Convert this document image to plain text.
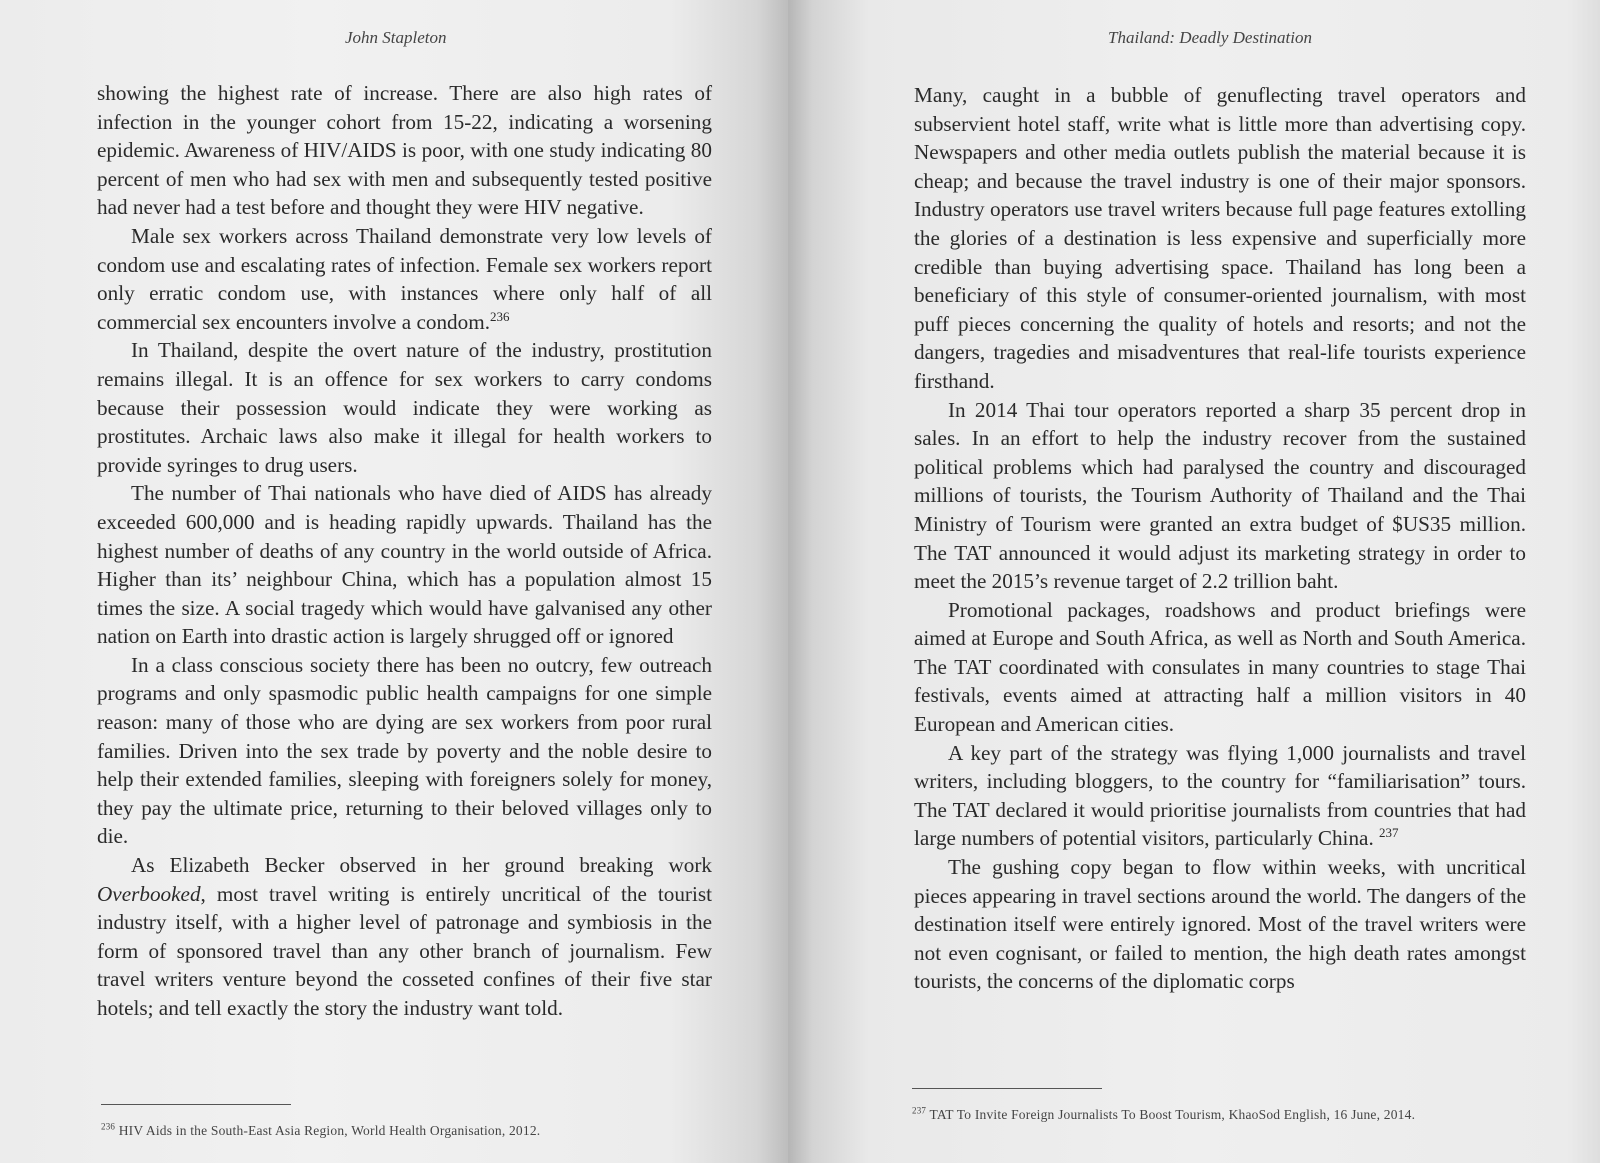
John Stapleton

showing the highest rate of increase. There are also high rates of infection in the younger cohort from 15-22, indicating a worsening epidemic. Awareness of HIV/AIDS is poor, with one study indicating 80 percent of men who had sex with men and subsequently tested positive had never had a test before and thought they were HIV negative.

Male sex workers across Thailand demonstrate very low levels of condom use and escalating rates of infection. Female sex workers report only erratic condom use, with instances where only half of all commercial sex encounters involve a condom.$^{236}$

In Thailand, despite the overt nature of the industry, prostitution remains illegal. It is an offence for sex workers to carry condoms because their possession would indicate they were working as prostitutes. Archaic laws also make it illegal for health workers to provide syringes to drug users.

The number of Thai nationals who have died of AIDS has already exceeded 600,000 and is heading rapidly upwards. Thailand has the highest number of deaths of any country in the world outside of Africa. Higher than its’ neighbour China, which has a population almost 15 times the size. A social tragedy which would have galvanised any other nation on Earth into drastic action is largely shrugged off or ignored

In a class conscious society there has been no outcry, few outreach programs and only spasmodic public health campaigns for one simple reason: many of those who are dying are sex workers from poor rural families. Driven into the sex trade by poverty and the noble desire to help their extended families, sleeping with foreigners solely for money, they pay the ultimate price, returning to their beloved villages only to die.

As Elizabeth Becker observed in her ground breaking work Overbooked, most travel writing is entirely uncritical of the tourist industry itself, with a higher level of patronage and symbiosis in the form of sponsored travel than any other branch of journalism. Few travel writers venture beyond the cosseted confines of their five star hotels; and tell exactly the story the industry want told.

$^{236}$ HIV Aids in the South-East Asia Region, World Health Organisation, 2012.
Thailand: Deadly Destination

Many, caught in a bubble of genuflecting travel operators and subservient hotel staff, write what is little more than advertising copy. Newspapers and other media outlets publish the material because it is cheap; and because the travel industry is one of their major sponsors. Industry operators use travel writers because full page features extolling the glories of a destination is less expensive and superficially more credible than buying advertising space. Thailand has long been a beneficiary of this style of consumer-oriented journalism, with most puff pieces concerning the quality of hotels and resorts; and not the dangers, tragedies and misadventures that real-life tourists experience firsthand.

In 2014 Thai tour operators reported a sharp 35 percent drop in sales. In an effort to help the industry recover from the sustained political problems which had paralysed the country and discouraged millions of tourists, the Tourism Authority of Thailand and the Thai Ministry of Tourism were granted an extra budget of $US35 million. The TAT announced it would adjust its marketing strategy in order to meet the 2015’s revenue target of 2.2 trillion baht.

Promotional packages, roadshows and product briefings were aimed at Europe and South Africa, as well as North and South America. The TAT coordinated with consulates in many countries to stage Thai festivals, events aimed at attracting half a million visitors in 40 European and American cities.

A key part of the strategy was flying 1,000 journalists and travel writers, including bloggers, to the country for “familiarisation” tours. The TAT declared it would prioritise journalists from countries that had large numbers of potential visitors, particularly China. $^{237}$

The gushing copy began to flow within weeks, with uncritical pieces appearing in travel sections around the world. The dangers of the destination itself were entirely ignored. Most of the travel writers were not even cognisant, or failed to mention, the high death rates amongst tourists, the concerns of the diplomatic corps

$^{237}$ TAT To Invite Foreign Journalists To Boost Tourism, KhaoSod English, 16 June, 2014.
